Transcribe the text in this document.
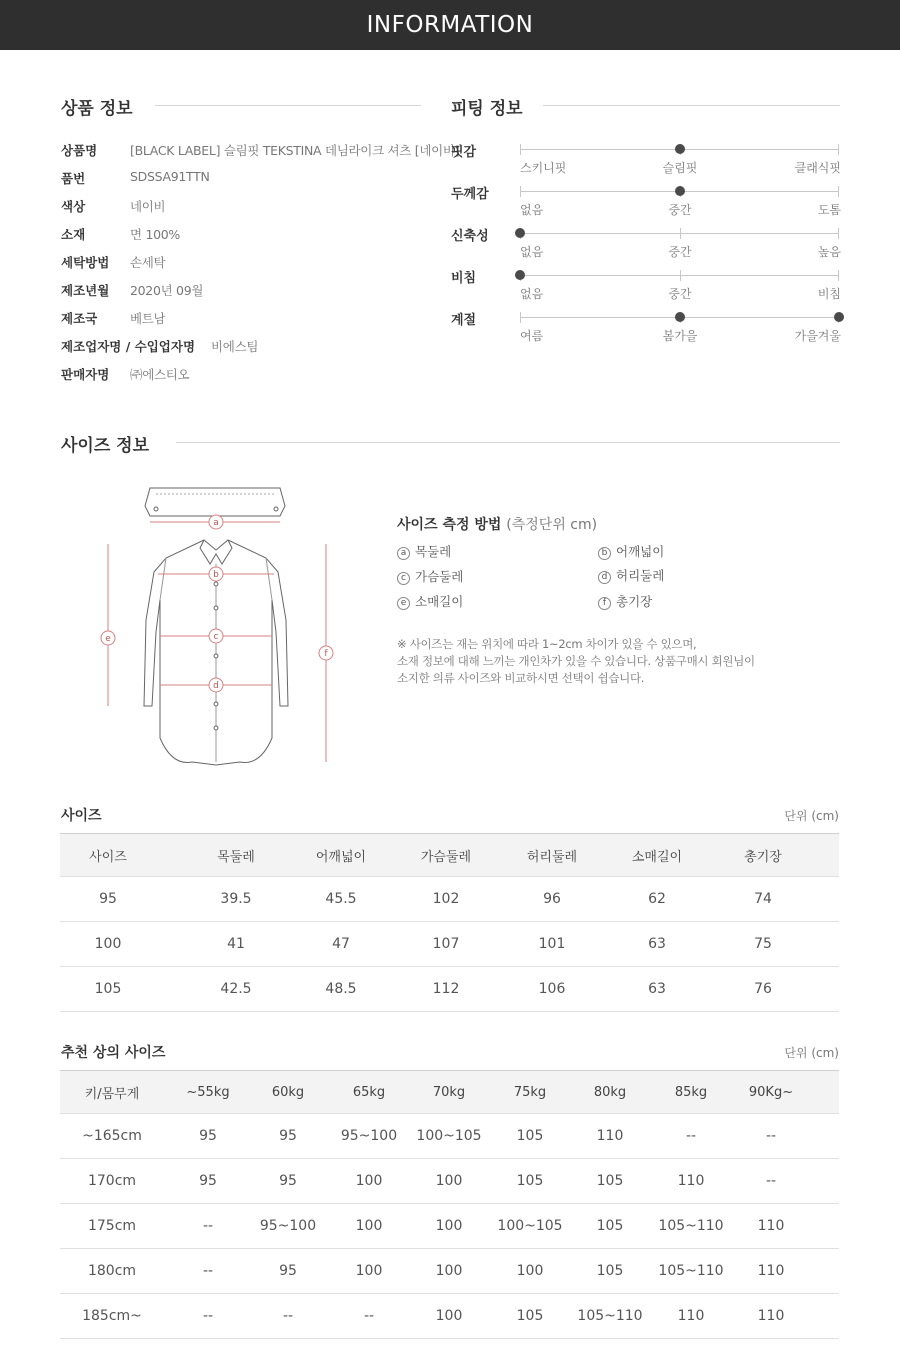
INFORMATION
상품 정보
상품명	[BLACK LABEL] 슬림핏 TEKSTINA 데님라이크 셔츠 [네이비]
품번	SDSSA91TTN
색상	네이비
소재	면 100%
세탁방법	손세탁
제조년월	2020년 09월
제조국	베트남
제조업자명 / 수입업자명 비에스팀
판매자명	㈜에스티오
피팅 정보
핏감
스키니핏	슬림핏	클래식핏
두께감
없음	중간	도톰
신축성
없음	중간	높음
비침
없음	중간	비침
계절
여름	봄가을	가을겨울
사이즈 정보
a
b
c
d
e
f
사이즈 측정 방법 (측정단위 cm)
a 목둘레	b 어깨넓이
c 가슴둘레	d 허리둘레
e 소매길이	f 총기장
※ 사이즈는 재는 위치에 따라 1~2cm 차이가 있을 수 있으며,
소재 정보에 대해 느끼는 개인차가 있을 수 있습니다. 상품구매시 회원님이
소지한 의류 사이즈와 비교하시면 선택이 쉽습니다.
사이즈	단위 (cm)
사이즈	목둘레	어깨넓이	가슴둘레	허리둘레	소매길이	총기장
95	39.5	45.5	102	96	62	74
100	41	47	107	101	63	75
105	42.5	48.5	112	106	63	76
추천 상의 사이즈	단위 (cm)
키/몸무게	~55kg	60kg	65kg	70kg	75kg	80kg	85kg	90Kg~
~165cm	95	95	95~100	100~105	105	110	--	--
170cm	95	95	100	100	105	105	110	--
175cm	--	95~100	100	100	100~105	105	105~110	110
180cm	--	95	100	100	100	105	105~110	110
185cm~	--	--	--	100	105	105~110	110	110
